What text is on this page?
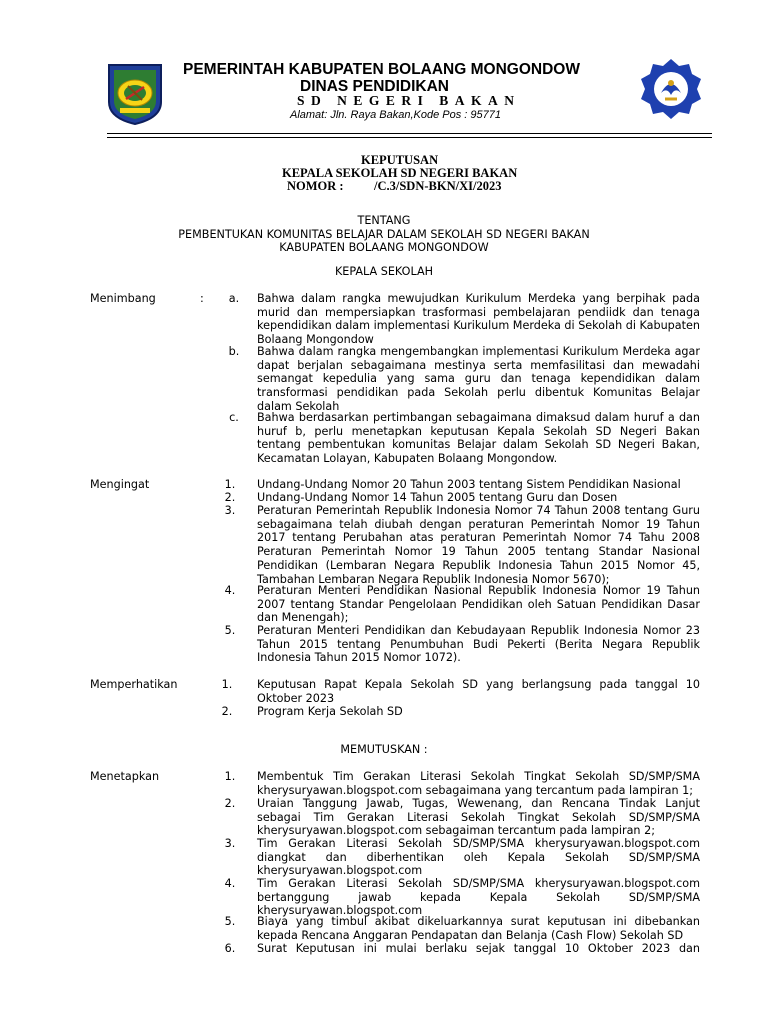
PEMERINTAH KABUPATEN BOLAANG MONGONDOW
DINAS PENDIDIKAN
SD NEGERI BAKAN
Alamat: Jln. Raya Bakan,Kode Pos : 95771
KEPUTUSAN
KEPALA SEKOLAH SD NEGERI BAKAN
NOMOR : /C.3/SDN-BKN/XI/2023
TENTANG
PEMBENTUKAN KOMUNITAS BELAJAR DALAM SEKOLAH SD NEGERI BAKAN
KABUPATEN BOLAANG MONGONDOW
KEPALA SEKOLAH
Menimbang	:	a.	Bahwa dalam rangka mewujudkan Kurikulum Merdeka yang berpihak pada murid dan mempersiapkan trasformasi pembelajaran pendiidk dan tenaga kependidikan dalam implementasi Kurikulum Merdeka di Sekolah di Kabupaten Bolaang Mongondow
b.	Bahwa dalam rangka mengembangkan implementasi Kurikulum Merdeka agar dapat berjalan sebagaimana mestinya serta memfasilitasi dan mewadahi semangat kepedulia yang sama guru dan tenaga kependidikan dalam transformasi pendidikan pada Sekolah perlu dibentuk Komunitas Belajar dalam Sekolah
c.	Bahwa berdasarkan pertimbangan sebagaimana dimaksud dalam huruf a dan huruf b, perlu menetapkan keputusan Kepala Sekolah SD Negeri Bakan tentang pembentukan komunitas Belajar dalam Sekolah SD Negeri Bakan, Kecamatan Lolayan, Kabupaten Bolaang Mongondow.
Mengingat	1.	Undang-Undang Nomor 20 Tahun 2003 tentang Sistem Pendidikan Nasional
2.	Undang-Undang Nomor 14 Tahun 2005 tentang Guru dan Dosen
3.	Peraturan Pemerintah Republik Indonesia Nomor 74 Tahun 2008 tentang Guru sebagaimana telah diubah dengan peraturan Pemerintah Nomor 19 Tahun 2017 tentang Perubahan atas peraturan Pemerintah Nomor 74 Tahu 2008 Peraturan Pemerintah Nomor 19 Tahun 2005 tentang Standar Nasional Pendidikan (Lembaran Negara Republik Indonesia Tahun 2015 Nomor 45, Tambahan Lembaran Negara Republik Indonesia Nomor 5670);
4.	Peraturan Menteri Pendidikan Nasional Republik Indonesia Nomor 19 Tahun 2007 tentang Standar Pengelolaan Pendidikan oleh Satuan Pendidikan Dasar dan Menengah);
5.	Peraturan Menteri Pendidikan dan Kebudayaan Republik Indonesia Nomor 23 Tahun 2015 tentang Penumbuhan Budi Pekerti (Berita Negara Republik Indonesia Tahun 2015 Nomor 1072).
Memperhatikan	1.	Keputusan Rapat Kepala Sekolah SD yang berlangsung pada tanggal 10 Oktober 2023
2.	Program Kerja Sekolah SD
MEMUTUSKAN :
Menetapkan	1.	Membentuk Tim Gerakan Literasi Sekolah Tingkat Sekolah SD/SMP/SMA kherysuryawan.blogspot.com sebagaimana yang tercantum pada lampiran 1;
2.	Uraian Tanggung Jawab, Tugas, Wewenang, dan Rencana Tindak Lanjut sebagai Tim Gerakan Literasi Sekolah Tingkat Sekolah SD/SMP/SMA kherysuryawan.blogspot.com sebagaiman tercantum pada lampiran 2;
3.	Tim Gerakan Literasi Sekolah SD/SMP/SMA kherysuryawan.blogspot.com diangkat dan diberhentikan oleh Kepala Sekolah SD/SMP/SMA kherysuryawan.blogspot.com
4.	Tim Gerakan Literasi Sekolah SD/SMP/SMA kherysuryawan.blogspot.com bertanggung jawab kepada Kepala Sekolah SD/SMP/SMA kherysuryawan.blogspot.com
5.	Biaya yang timbul akibat dikeluarkannya surat keputusan ini dibebankan kepada Rencana Anggaran Pendapatan dan Belanja (Cash Flow) Sekolah SD
6.	Surat Keputusan ini mulai berlaku sejak tanggal 10 Oktober 2023 dan
